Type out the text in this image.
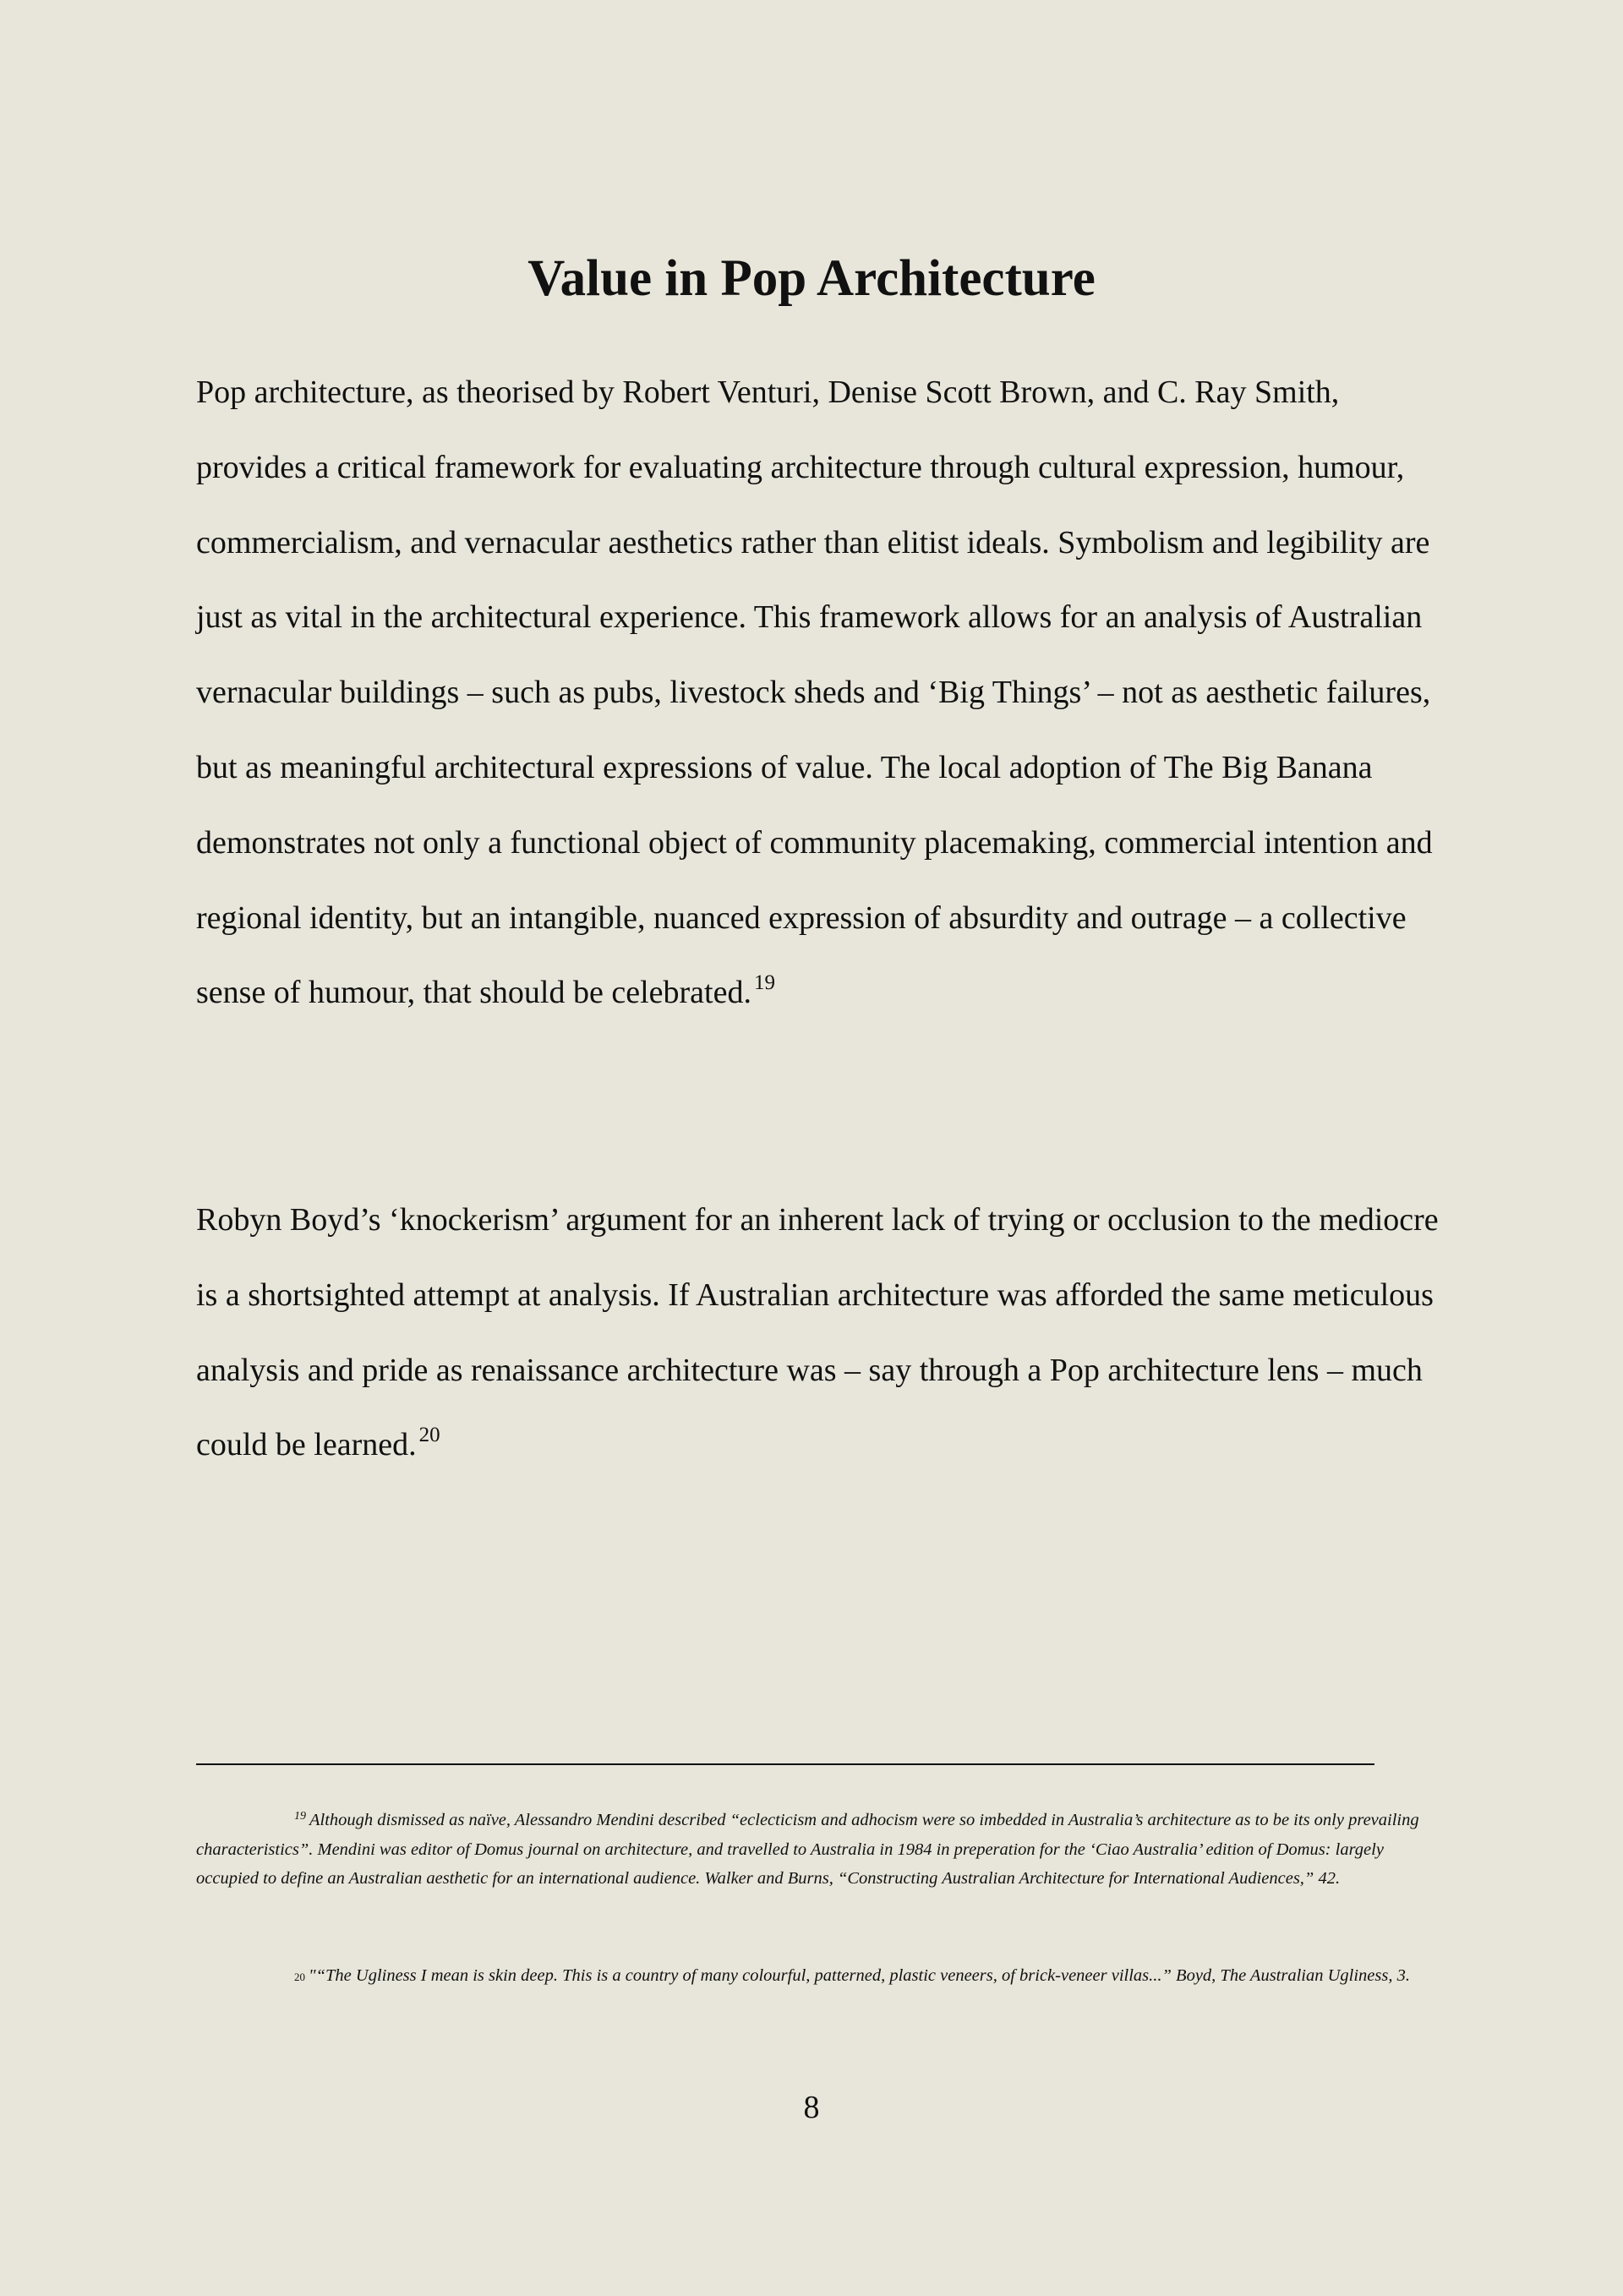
Value in Pop Architecture

Pop architecture, as theorised by Robert Venturi, Denise Scott Brown, and C. Ray Smith, provides a critical framework for evaluating architecture through cultural expression, humour, commercialism, and vernacular aesthetics rather than elitist ideals. Symbolism and legibility are just as vital in the architectural experience. This framework allows for an analysis of Australian vernacular buildings – such as pubs, livestock sheds and ‘Big Things’ – not as aesthetic failures, but as meaningful architectural expressions of value. The local adoption of The Big Banana demonstrates not only a functional object of community placemaking, commercial intention and regional identity, but an intangible, nuanced expression of absurdity and outrage – a collective sense of humour, that should be celebrated. $^{19}$

Robyn Boyd’s ‘knockerism’ argument for an inherent lack of trying or occlusion to the mediocre is a shortsighted attempt at analysis. If Australian architecture was afforded the same meticulous analysis and pride as renaissance architecture was – say through a Pop architecture lens – much could be learned. $^{20}$

$^{19}$ Although dismissed as naïve, Alessandro Mendini described “eclecticism and adhocism were so imbedded in Australia’s architecture as to be its only prevailing characteristics”. Mendini was editor of Domus journal on architecture, and travelled to Australia in 1984 in preperation for the ‘Ciao Australia’ edition of Domus: largely occupied to define an Australian aesthetic for an international audience. Walker and Burns, “Constructing Australian Architecture for International Audiences,” 42.

20 "“The Ugliness I mean is skin deep. This is a country of many colourful, patterned, plastic veneers, of brick-veneer villas...” Boyd, The Australian Ugliness, 3.

8
